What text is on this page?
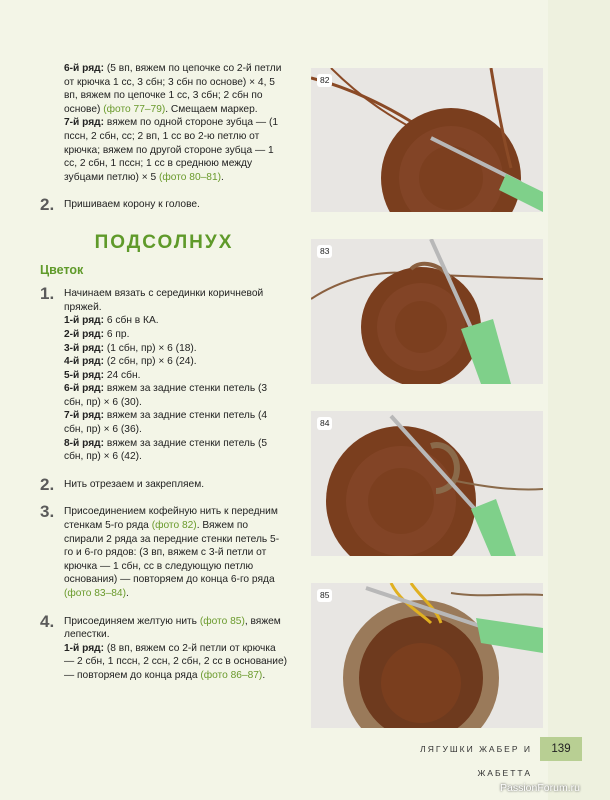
6-й ряд: (5 вп, вяжем по цепочке со 2-й петли от крючка 1 сс, 3 сбн; 3 сбн по основе) × 4, 5 вп, вяжем по цепочке 1 сс, 3 сбн; 2 сбн по основе) (фото 77–79). Смещаем маркер.

7-й ряд: вяжем по одной стороне зубца — (1 пссн, 2 сбн, сс; 2 вп, 1 сс во 2-ю петлю от крючка; вяжем по другой стороне зубца — 1 сс, 2 сбн, 1 пссн; 1 сс в среднюю между зубцами петлю) × 5 (фото 80–81).

2. Пришиваем корону к голове.

ПОДСОЛНУХ

Цветок

1. Начинаем вязать с серединки коричневой пряжей.
1-й ряд: 6 сбн в КА.
2-й ряд: 6 пр.
3-й ряд: (1 сбн, пр) × 6 (18).
4-й ряд: (2 сбн, пр) × 6 (24).
5-й ряд: 24 сбн.
6-й ряд: вяжем за задние стенки петель (3 сбн, пр) × 6 (30).
7-й ряд: вяжем за задние стенки петель (4 сбн, пр) × 6 (36).
8-й ряд: вяжем за задние стенки петель (5 сбн, пр) × 6 (42).
2. Нить отрезаем и закрепляем.
3. Присоединением кофейную нить к передним стенкам 5-го ряда (фото 82). Вяжем по спирали 2 ряда за передние стенки петель 5-го и 6-го рядов: (3 вп, вяжем с 3-й петли от крючка — 1 сбн, сс в следующую петлю основания) — повторяем до конца 6-го ряда (фото 83–84).
4. Присоединяем желтую нить (фото 85), вяжем лепестки.
1-й ряд: (8 вп, вяжем со 2-й петли от крючка — 2 сбн, 1 пссн, 2 ссн, 2 сбн, 2 сс в основание) — повторяем до конца ряда (фото 86–87).
82
83
84
85
ЛЯГУШКИ ЖАБЕР И ЖАБЕТТА
139
PassionForum.ru
